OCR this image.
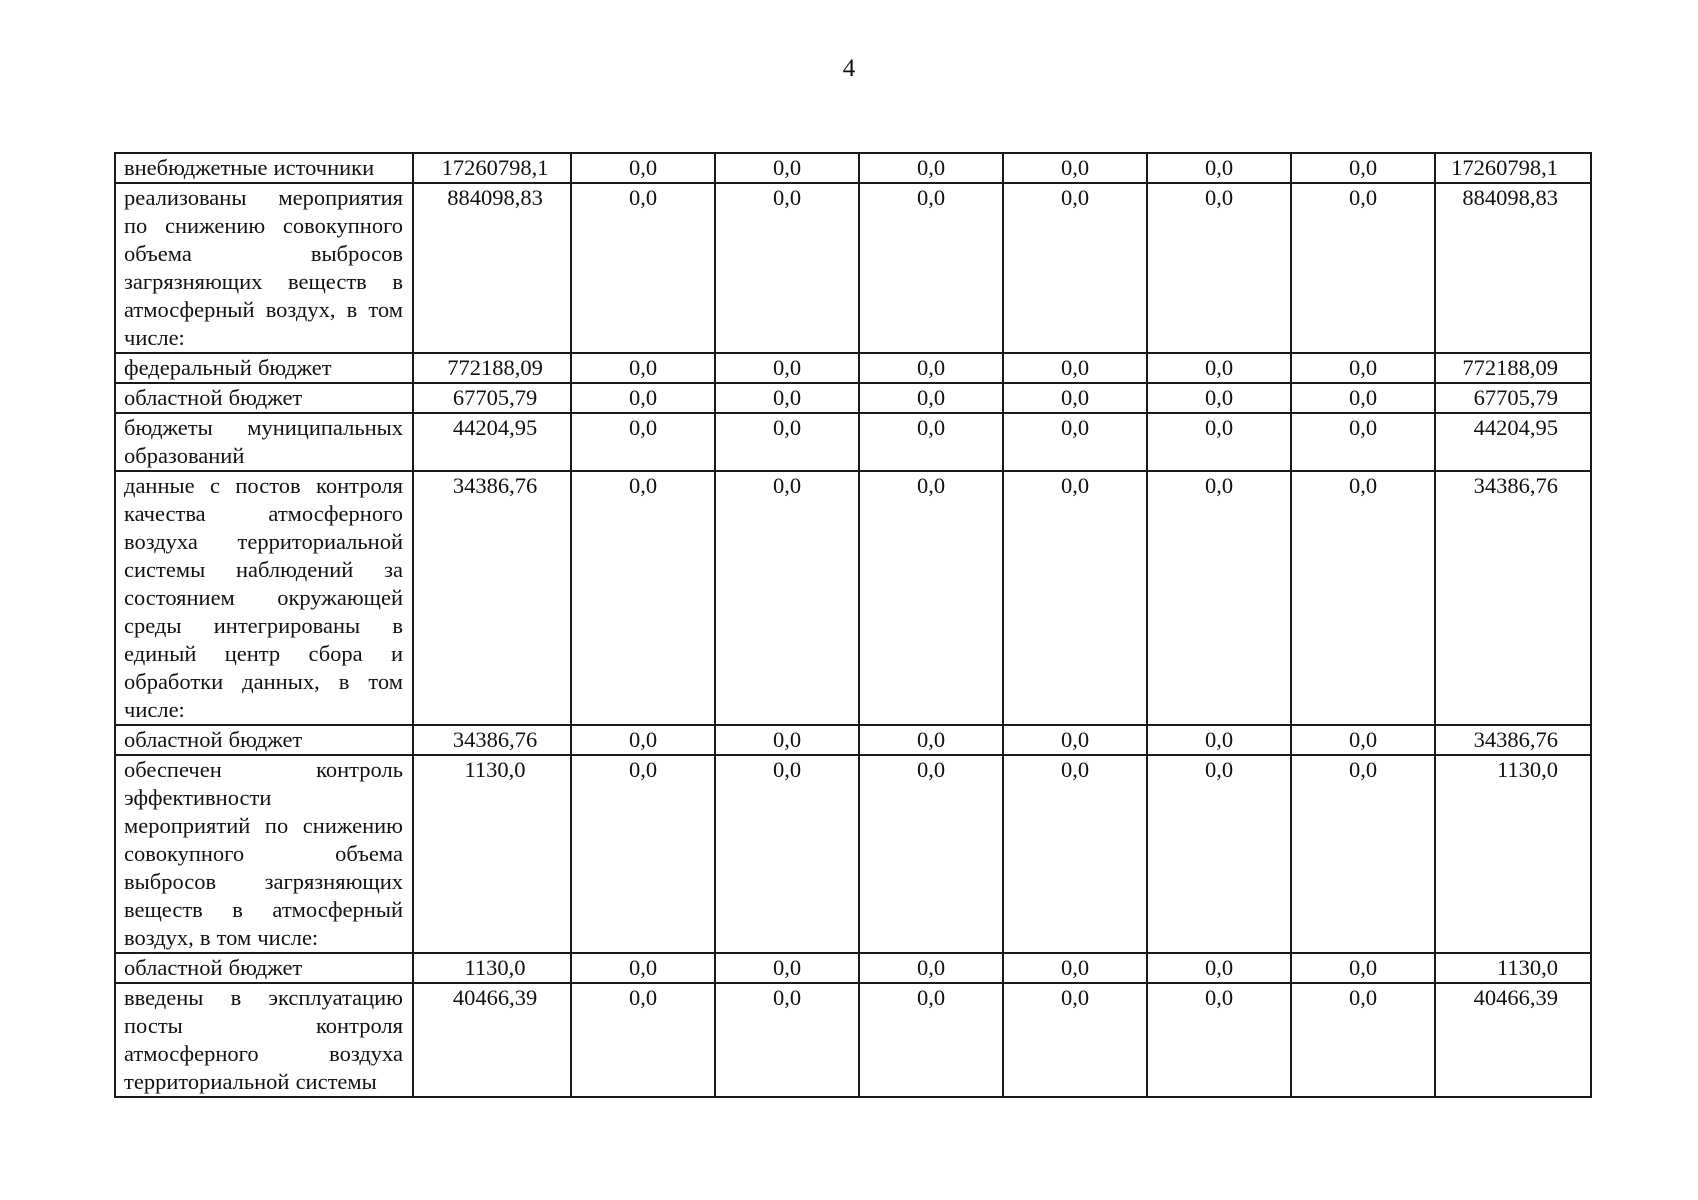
4
внебюджетные источники	17260798,1	0,0	0,0	0,0	0,0	0,0	0,0	17260798,1
реализованы мероприятия по снижению совокупного объема выбросов загрязняющих веществ в атмосферный воздух, в том числе:	884098,83	0,0	0,0	0,0	0,0	0,0	0,0	884098,83
федеральный бюджет	772188,09	0,0	0,0	0,0	0,0	0,0	0,0	772188,09
областной бюджет	67705,79	0,0	0,0	0,0	0,0	0,0	0,0	67705,79
бюджеты муниципальных образований	44204,95	0,0	0,0	0,0	0,0	0,0	0,0	44204,95
данные с постов контроля качества атмосферного воздуха территориальной системы наблюдений за состоянием окружающей среды интегрированы в единый центр сбора и обработки данных, в том числе:	34386,76	0,0	0,0	0,0	0,0	0,0	0,0	34386,76
областной бюджет	34386,76	0,0	0,0	0,0	0,0	0,0	0,0	34386,76
обеспечен контроль эффективности мероприятий по снижению совокупного объема выбросов загрязняющих веществ в атмосферный воздух, в том числе:	1130,0	0,0	0,0	0,0	0,0	0,0	0,0	1130,0
областной бюджет	1130,0	0,0	0,0	0,0	0,0	0,0	0,0	1130,0
введены в эксплуатацию посты контроля атмосферного воздуха территориальной системы	40466,39	0,0	0,0	0,0	0,0	0,0	0,0	40466,39
